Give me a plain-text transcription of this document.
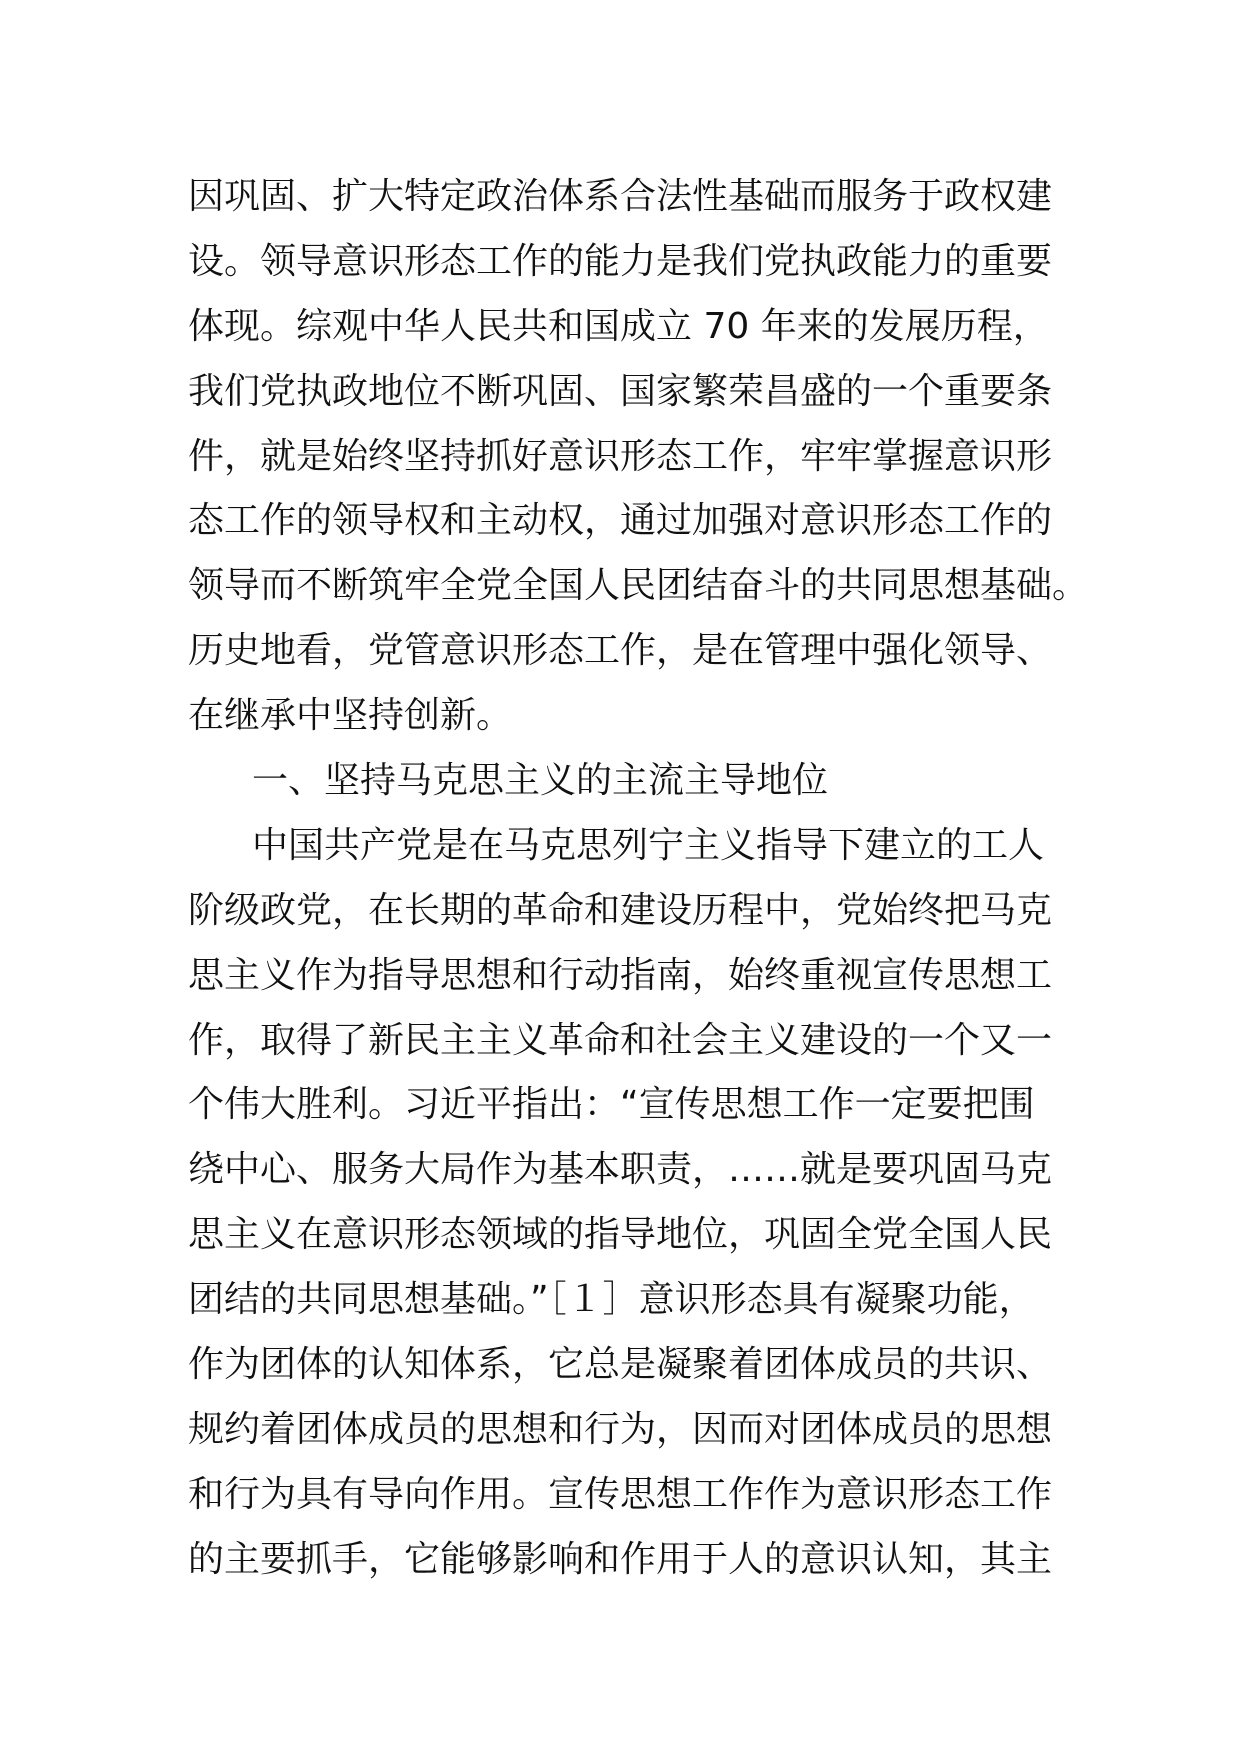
因巩固、扩大特定政治体系合法性基础而服务于政权建
设。领导意识形态工作的能力是我们党执政能力的重要
体现。综观中华人民共和国成立 70 年来的发展历程，
我们党执政地位不断巩固、国家繁荣昌盛的一个重要条
件，就是始终坚持抓好意识形态工作，牢牢掌握意识形
态工作的领导权和主动权，通过加强对意识形态工作的
领导而不断筑牢全党全国人民团结奋斗的共同思想基础。
历史地看，党管意识形态工作，是在管理中强化领导、
在继承中坚持创新。
一、坚持马克思主义的主流主导地位
中国共产党是在马克思列宁主义指导下建立的工人
阶级政党，在长期的革命和建设历程中，党始终把马克
思主义作为指导思想和行动指南，始终重视宣传思想工
作，取得了新民主主义革命和社会主义建设的一个又一
个伟大胜利。习近平指出：“宣传思想工作一定要把围
绕中心、服务大局作为基本职责，……就是要巩固马克
思主义在意识形态领域的指导地位，巩固全党全国人民
团结的共同思想基础。”［１］意识形态具有凝聚功能，
作为团体的认知体系，它总是凝聚着团体成员的共识、
规约着团体成员的思想和行为，因而对团体成员的思想
和行为具有导向作用。宣传思想工作作为意识形态工作
的主要抓手，它能够影响和作用于人的意识认知，其主
